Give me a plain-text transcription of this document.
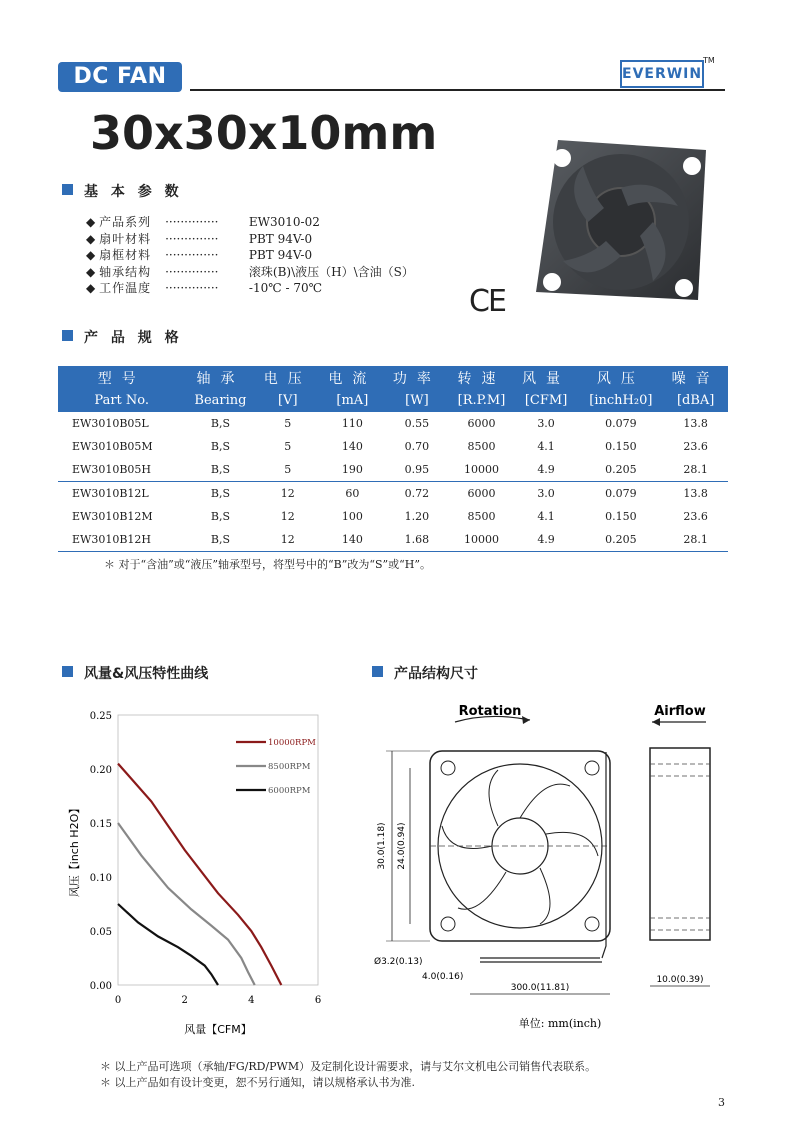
DC FAN	EVERWIN
TM
30x30x10mm
CE
基 本 参 数
◆ 产品系列 ··············	EW3010-02
◆ 扇叶材料 ··············	PBT 94V-0
◆ 扇框材料 ··············	PBT 94V-0
◆ 轴承结构 ··············	滚珠(B)\液压（H）\含油（S）
◆ 工作温度 ··············	-10℃ - 70℃
产 品 规 格
型号	轴承	电压	电流	功率	转速	风量	风压	噪音
Part No.	Bearing	[V]	[mA]	[W]	[R.P.M]	[CFM]	[inchH₂0]	[dBA]
EW3010B05L	B,S	5	110	0.55	6000	3.0	0.079	13.8
EW3010B05M	B,S	5	140	0.70	8500	4.1	0.150	23.6
EW3010B05H	B,S	5	190	0.95	10000	4.9	0.205	28.1
EW3010B12L	B,S	12	60	0.72	6000	3.0	0.079	13.8
EW3010B12M	B,S	12	100	1.20	8500	4.1	0.150	23.6
EW3010B12H	B,S	12	140	1.68	10000	4.9	0.205	28.1
＊ 对于“含油”或“液压”轴承型号，将型号中的“B”改为“S”或“H”。
风量&风压特性曲线
0.00
0.05
0.10
0.15
0.20
0.25
0	2	4	6
10000RPM
8500RPM
6000RPM
风量【CFM】
风压【inch H2O】
产品结构尺寸
Rotation
30.0(1.18) 24.0(0.94)
Ø3.2(0.13)
4.0(0.16)
300.0(11.81)
Airflow
10.0(0.39)
单位: mm(inch)
＊ 以上产品可选项（承轴/FG/RD/PWM）及定制化设计需要求，请与艾尔文机电公司销售代表联系。
＊ 以上产品如有设计变更，恕不另行通知，请以规格承认书为准.
3
